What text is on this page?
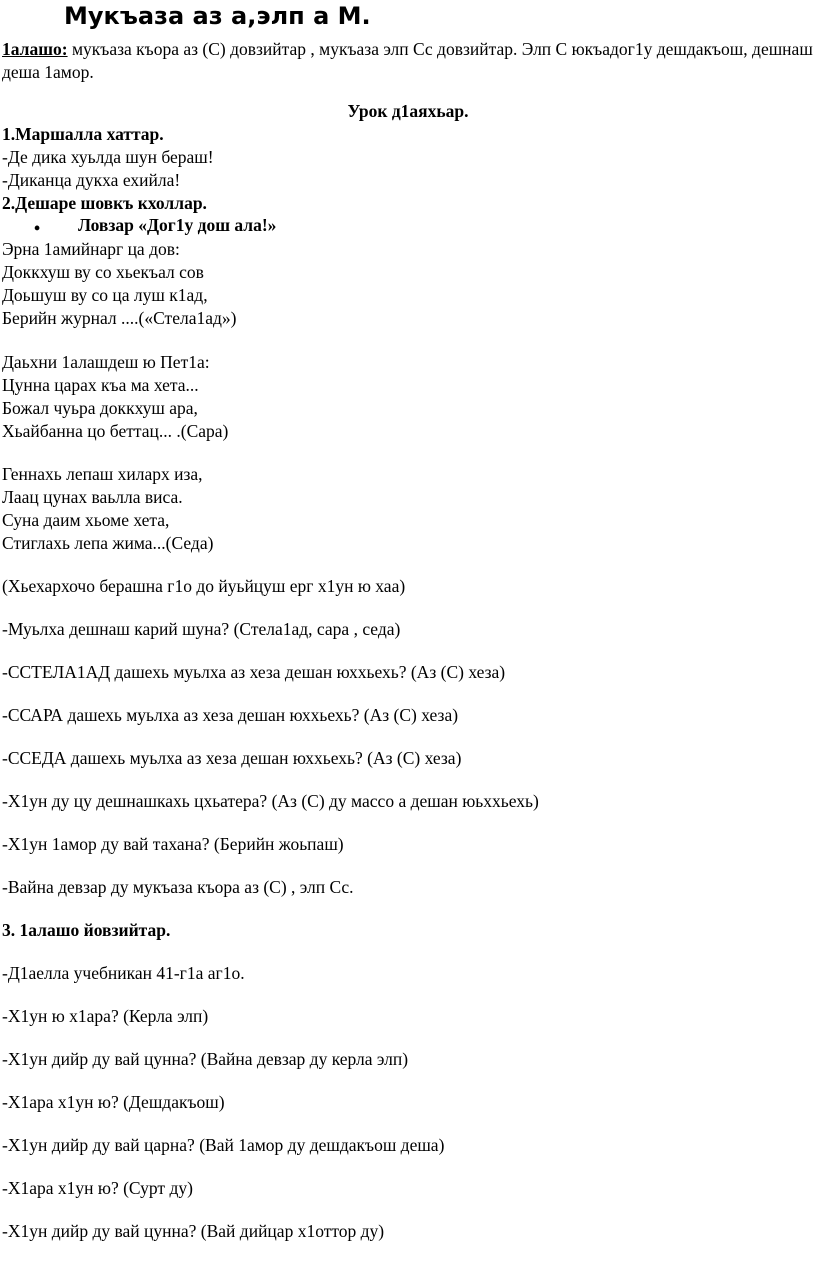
Мукъаза аз а,элп а М.
1алашо: мукъаза къора аз (С) довзийтар , мукъаза элп Сс довзийтар. Элп С юкъадог1у дешдакъош, дешнаш деша 1амор.
Урок д1аяхьар.
1.Маршалла хаттар.
-Де дика хуьлда шун бераш!
-Диканца дукха ехийла!
2.Дешаре шовкъ кхоллар.
• Ловзар «Дог1у дош ала!»
Эрна 1амийнарг ца дов:
Доккхуш ву со хьекъал сов
Доьшуш ву со ца луш к1ад,
Берийн журнал ....(«Стела1ад»)
Даьхни 1алашдеш ю Пет1а:
Цунна царах къа ма хета...
Божал чуьра доккхуш ара,
Хьайбанна цо беттац... .(Сара)
Геннахь лепаш хиларх иза,
Лаац цунах ваьлла виса.
Суна даим хьоме хета,
Стиглахь лепа жима...(Седа)
(Хьехархочо берашна г1о до йуьйцуш ерг х1ун ю хаа)
-Муьлха дешнаш карий шуна? (Стела1ад, сара , седа)
-ССТЕЛА1АД дашехь муьлха аз хеза дешан юххьехь? (Аз (С) хеза)
-ССАРА дашехь муьлха аз хеза дешан юххьехь? (Аз (С) хеза)
-ССЕДА дашехь муьлха аз хеза дешан юххьехь? (Аз (С) хеза)
-Х1ун ду цу дешнашкахь цхьатера? (Аз (С) ду массо а дешан юьххьехь)
-Х1ун 1амор ду вай тахана? (Берийн жоьпаш)
-Вайна девзар ду мукъаза къора аз (С) , элп Сс.
3. 1алашо йовзийтар.
-Д1аелла учебникан 41-г1а аг1о.
-Х1ун ю х1ара? (Керла элп)
-Х1ун дийр ду вай цунна? (Вайна девзар ду керла элп)
-Х1ара х1ун ю? (Дешдакъош)
-Х1ун дийр ду вай царна? (Вай 1амор ду дешдакъош деша)
-Х1ара х1ун ю? (Сурт ду)
-Х1ун дийр ду вай цунна? (Вай дийцар х1оттор ду)
